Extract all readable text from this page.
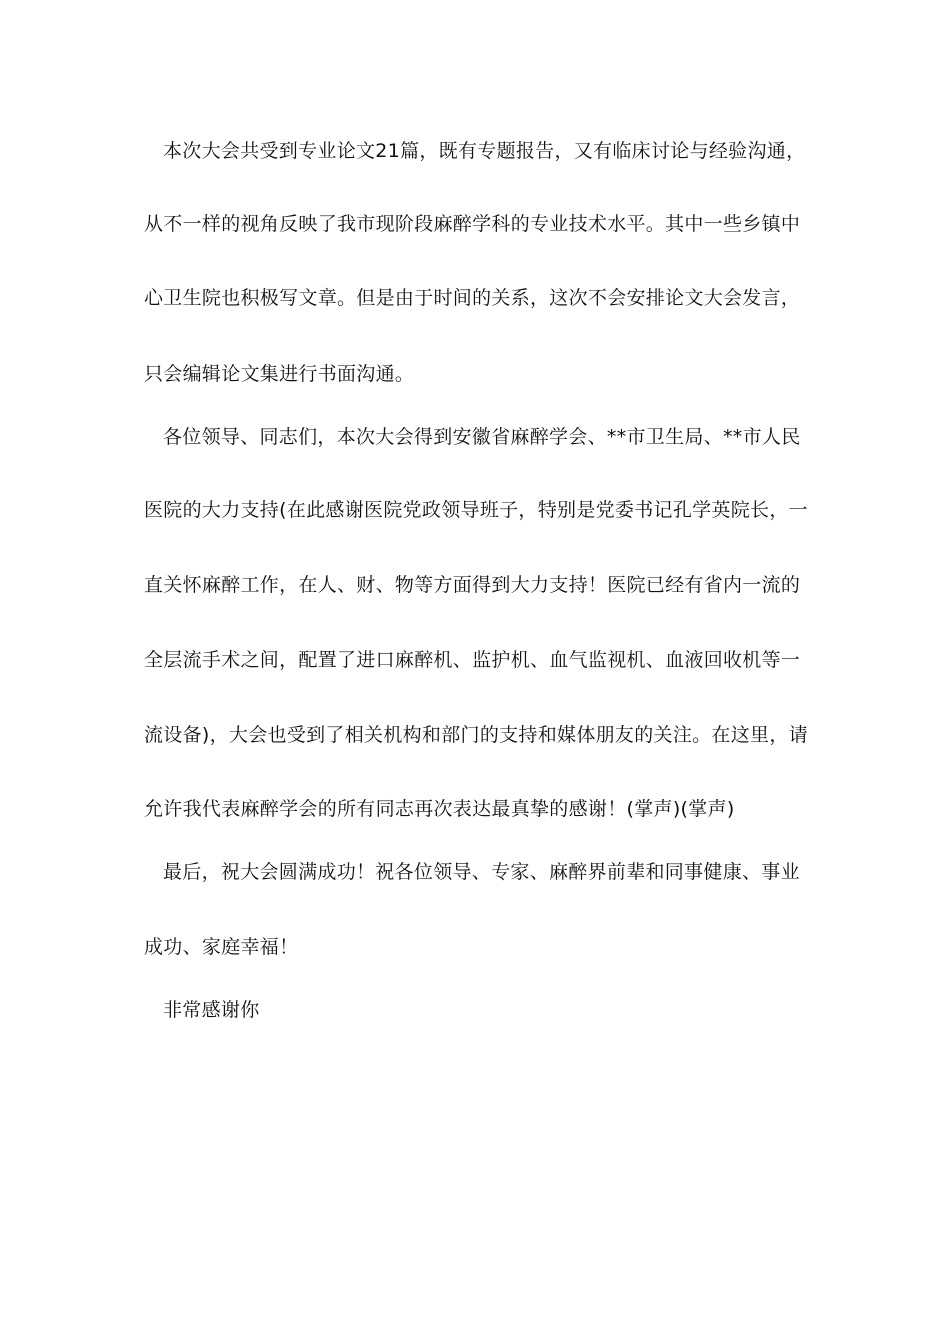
本次大会共受到专业论文21篇，既有专题报告，又有临床讨论与经验沟通，
从不一样的视角反映了我市现阶段麻醉学科的专业技术水平。其中一些乡镇中
心卫生院也积极写文章。但是由于时间的关系，这次不会安排论文大会发言，
只会编辑论文集进行书面沟通。
各位领导、同志们，本次大会得到安徽省麻醉学会、**市卫生局、**市人民
医院的大力支持(在此感谢医院党政领导班子，特别是党委书记孔学英院长，一
直关怀麻醉工作，在人、财、物等方面得到大力支持！医院已经有省内一流的
全层流手术之间，配置了进口麻醉机、监护机、血气监视机、血液回收机等一
流设备)，大会也受到了相关机构和部门的支持和媒体朋友的关注。在这里，请
允许我代表麻醉学会的所有同志再次表达最真挚的感谢！(掌声)(掌声)
最后，祝大会圆满成功！祝各位领导、专家、麻醉界前辈和同事健康、事业
成功、家庭幸福！
非常感谢你
